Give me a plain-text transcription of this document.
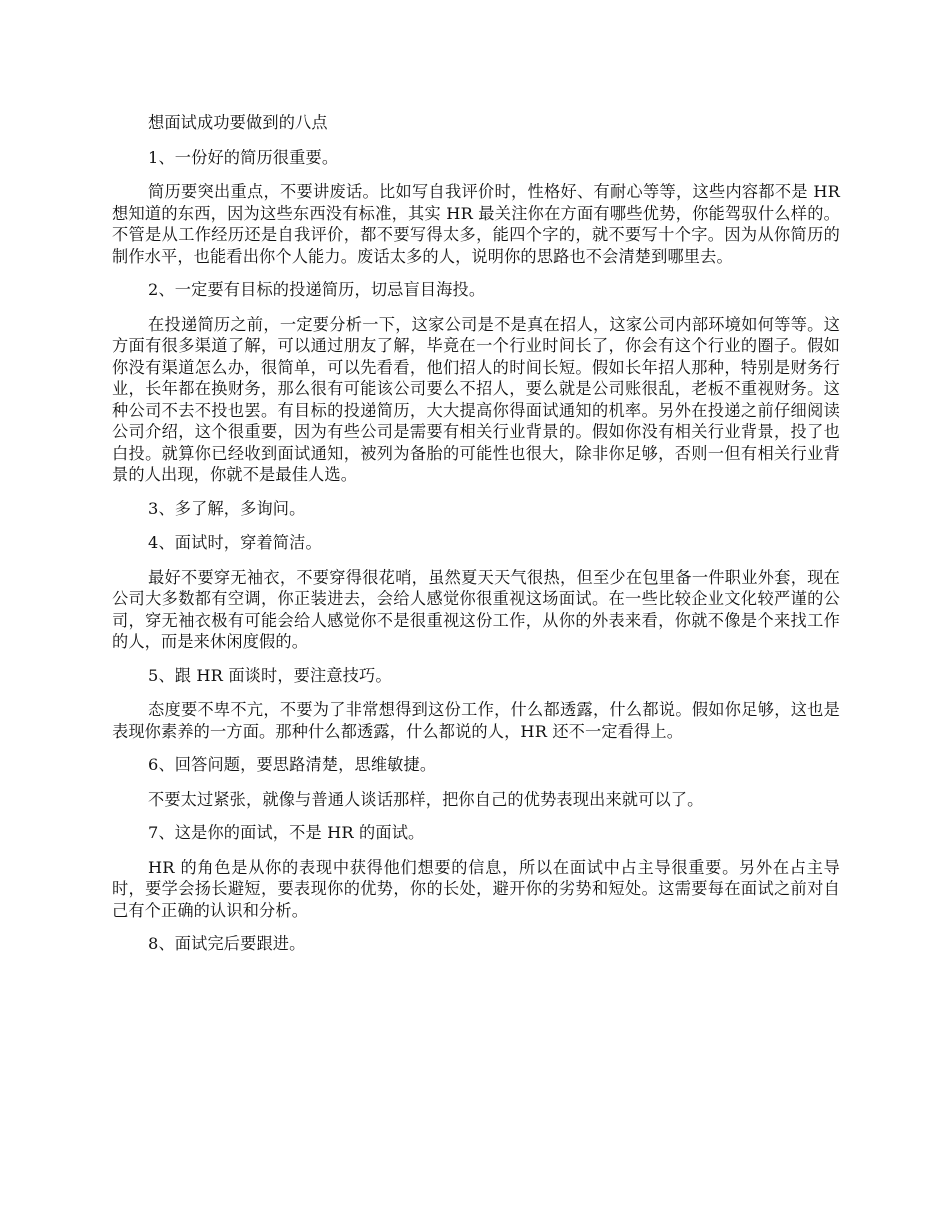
想面试成功要做到的八点

1、一份好的简历很重要。

简历要突出重点，不要讲废话。比如写自我评价时，性格好、有耐心等等，这些内容都不是 HR 想知道的东西，因为这些东西没有标准，其实 HR 最关注你在方面有哪些优势，你能驾驭什么样的。不管是从工作经历还是自我评价，都不要写得太多，能四个字的，就不要写十个字。因为从你简历的制作水平，也能看出你个人能力。废话太多的人，说明你的思路也不会清楚到哪里去。

2、一定要有目标的投递简历，切忌盲目海投。

在投递简历之前，一定要分析一下，这家公司是不是真在招人，这家公司内部环境如何等等。这方面有很多渠道了解，可以通过朋友了解，毕竟在一个行业时间长了，你会有这个行业的圈子。假如你没有渠道怎么办，很简单，可以先看看，他们招人的时间长短。假如长年招人那种，特别是财务行业，长年都在换财务，那么很有可能该公司要么不招人，要么就是公司账很乱，老板不重视财务。这种公司不去不投也罢。有目标的投递简历，大大提高你得面试通知的机率。另外在投递之前仔细阅读公司介绍，这个很重要，因为有些公司是需要有相关行业背景的。假如你没有相关行业背景，投了也白投。就算你已经收到面试通知，被列为备胎的可能性也很大，除非你足够，否则一但有相关行业背景的人出现，你就不是最佳人选。

3、多了解，多询问。

4、面试时，穿着简洁。

最好不要穿无袖衣，不要穿得很花哨，虽然夏天天气很热，但至少在包里备一件职业外套，现在公司大多数都有空调，你正装进去，会给人感觉你很重视这场面试。在一些比较企业文化较严谨的公司，穿无袖衣极有可能会给人感觉你不是很重视这份工作，从你的外表来看，你就不像是个来找工作的人，而是来休闲度假的。

5、跟 HR 面谈时，要注意技巧。

态度要不卑不亢，不要为了非常想得到这份工作，什么都透露，什么都说。假如你足够，这也是表现你素养的一方面。那种什么都透露，什么都说的人，HR 还不一定看得上。

6、回答问题，要思路清楚，思维敏捷。

不要太过紧张，就像与普通人谈话那样，把你自己的优势表现出来就可以了。

7、这是你的面试，不是 HR 的面试。

HR 的角色是从你的表现中获得他们想要的信息，所以在面试中占主导很重要。另外在占主导时，要学会扬长避短，要表现你的优势，你的长处，避开你的劣势和短处。这需要每在面试之前对自己有个正确的认识和分析。

8、面试完后要跟进。
